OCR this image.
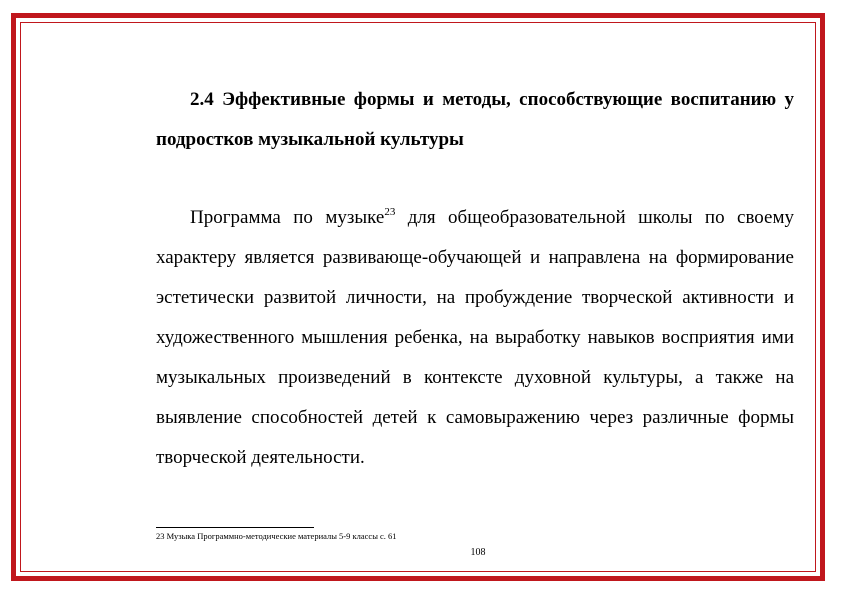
2.4 Эффективные формы и методы, способствующие воспитанию у подростков музыкальной культуры

Программа по музыке$^{23}$ для общеобразовательной школы по своему характеру является развивающе-обучающей и направлена на формирование эстетически развитой личности, на пробуждение творческой активности и художественного мышления ребенка, на выработку навыков восприятия ими музыкальных произведений в контексте духовной культуры, а также на выявление способностей детей к самовыражению через различные формы творческой деятельности.

23 Музыка Программно-методические материалы 5-9 классы с. 61
108
